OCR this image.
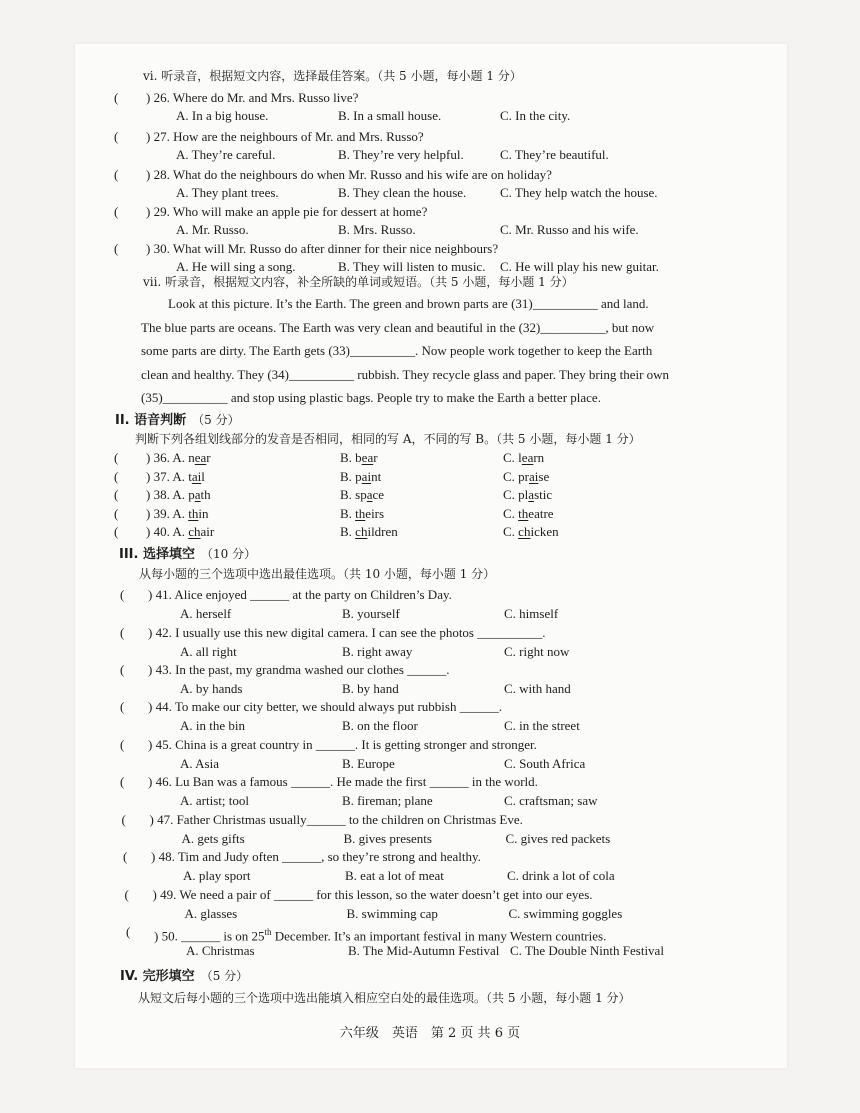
vi. 听录音，根据短文内容，选择最佳答案。（共 5 小题，每小题 1 分）
( ) 26. Where do Mr. and Mrs. Russo live?
A. In a big house.	B. In a small house.	C. In the city.
( ) 27. How are the neighbours of Mr. and Mrs. Russo?
A. They’re careful.	B. They’re very helpful.	C. They’re beautiful.
( ) 28. What do the neighbours do when Mr. Russo and his wife are on holiday?
A. They plant trees.	B. They clean the house.	C. They help watch the house.
( ) 29. Who will make an apple pie for dessert at home?
A. Mr. Russo.	B. Mrs. Russo.	C. Mr. Russo and his wife.
( ) 30. What will Mr. Russo do after dinner for their nice neighbours?
A. He will sing a song.	B. They will listen to music. C. He will play his new guitar.
vii. 听录音，根据短文内容，补全所缺的单词或短语。（共 5 小题，每小题 1 分）
Look at this picture. It’s the Earth. The green and brown parts are (31)__________ and land.
The blue parts are oceans. The Earth was very clean and beautiful in the (32)__________, but now
some parts are dirty. The Earth gets (33)__________. Now people work together to keep the Earth
clean and healthy. They (34)__________ rubbish. They recycle glass and paper. They bring their own
(35)__________ and stop using plastic bags. People try to make the Earth a better place.
II. 语音判断 （5 分）
判断下列各组划线部分的发音是否相同，相同的写 A，不同的写 B。（共 5 小题，每小题 1 分）
( ) 36. A. near	B. bear	C. learn
( ) 37. A. tail	B. paint	C. praise
( ) 38. A. path	B. space	C. plastic
( ) 39. A. thin	B. theirs	C. theatre
( ) 40. A. chair	B. children	C. chicken
III. 选择填空 （10 分）
从每小题的三个选项中选出最佳选项。（共 10 小题，每小题 1 分）
( ) 41. Alice enjoyed ______ at the party on Children’s Day.
A. herself	B. yourself	C. himself
( ) 42. I usually use this new digital camera. I can see the photos __________.
A. all right	B. right away	C. right now
( ) 43. In the past, my grandma washed our clothes ______.
A. by hands	B. by hand	C. with hand
( ) 44. To make our city better, we should always put rubbish ______.
A. in the bin	B. on the floor	C. in the street
( ) 45. China is a great country in ______. It is getting stronger and stronger.
A. Asia	B. Europe	C. South Africa
( ) 46. Lu Ban was a famous ______. He made the first ______ in the world.
A. artist; tool	B. fireman; plane	C. craftsman; saw
( ) 47. Father Christmas usually______ to the children on Christmas Eve.
A. gets gifts	B. gives presents	C. gives red packets
( ) 48. Tim and Judy often ______, so they’re strong and healthy.
A. play sport	B. eat a lot of meat	C. drink a lot of cola
( ) 49. We need a pair of ______ for this lesson, so the water doesn’t get into our eyes.
A. glasses	B. swimming cap	C. swimming goggles
( ) 50. ______ is on 25th December. It’s an important festival in many Western countries.
A. Christmas	B. The Mid-Autumn Festival C. The Double Ninth Festival
IV. 完形填空 （5 分）
从短文后每小题的三个选项中选出能填入相应空白处的最佳选项。（共 5 小题，每小题 1 分）
六年级　英语　第 2 页 共 6 页
